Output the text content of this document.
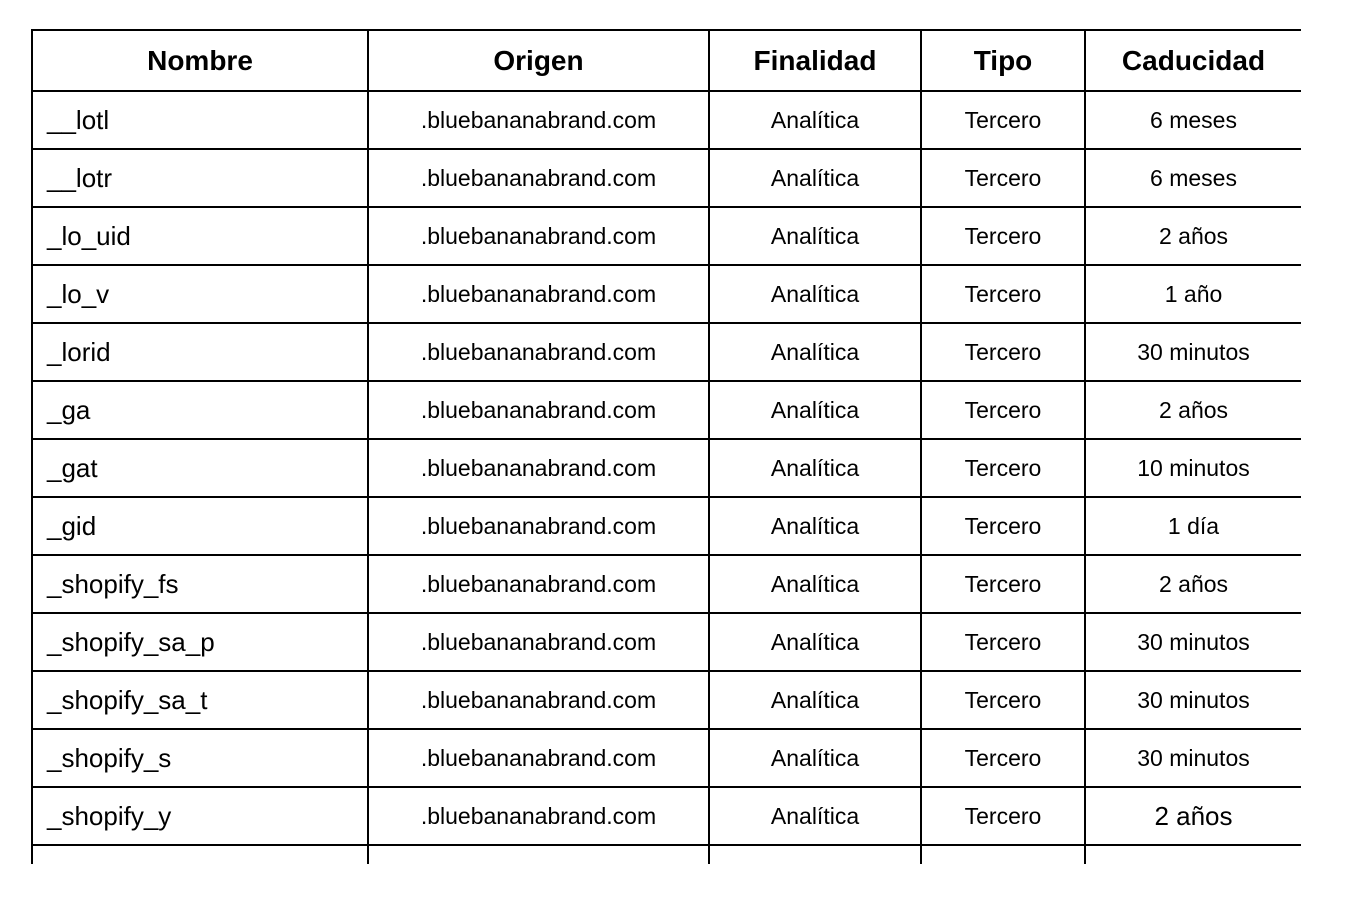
Nombre	Origen	Finalidad	Tipo	Caducidad
__lotl	.bluebananabrand.com	Analítica	Tercero	6 meses
__lotr	.bluebananabrand.com	Analítica	Tercero	6 meses
_lo_uid	.bluebananabrand.com	Analítica	Tercero	2 años
_lo_v	.bluebananabrand.com	Analítica	Tercero	1 año
_lorid	.bluebananabrand.com	Analítica	Tercero	30 minutos
_ga	.bluebananabrand.com	Analítica	Tercero	2 años
_gat	.bluebananabrand.com	Analítica	Tercero	10 minutos
_gid	.bluebananabrand.com	Analítica	Tercero	1 día
_shopify_fs	.bluebananabrand.com	Analítica	Tercero	2 años
_shopify_sa_p	.bluebananabrand.com	Analítica	Tercero	30 minutos
_shopify_sa_t	.bluebananabrand.com	Analítica	Tercero	30 minutos
_shopify_s	.bluebananabrand.com	Analítica	Tercero	30 minutos
_shopify_y	.bluebananabrand.com	Analítica	Tercero	2 años
